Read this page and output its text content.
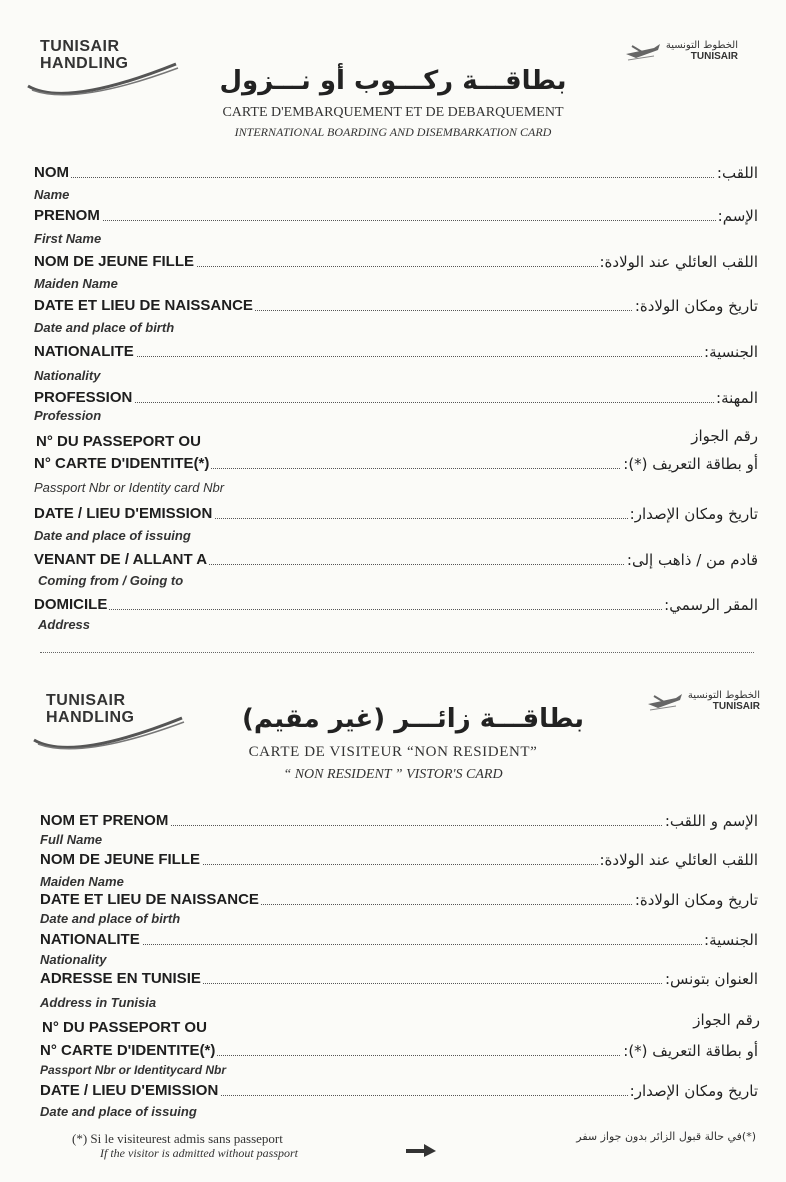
TUNISAIR
HANDLING
الخطوط التونسية
TUNISAIR
بطاقـــة ركـــوب أو نـــزول
CARTE D'EMBARQUEMENT ET DE DEBARQUEMENT
INTERNATIONAL BOARDING AND DISEMBARKATION CARD
NOM	اللقب:
Name
PRENOM	الإسم:
First Name
NOM DE JEUNE FILLE	اللقب العائلي عند الولادة:
Maiden Name
DATE ET LIEU DE NAISSANCE	تاريخ ومكان الولادة:
Date and place of birth
NATIONALITE	الجنسية:
Nationality
PROFESSION	المهنة:
Profession
N° DU PASSEPORT OU	رقم الجواز
N° CARTE D'IDENTITE(*)	أو بطاقة التعريف (*):
Passport Nbr or Identity card Nbr
DATE / LIEU D'EMISSION	تاريخ ومكان الإصدار:
Date and place of issuing
VENANT DE / ALLANT A	قادم من / ذاهب إلى:
Coming from / Going to
DOMICILE	المقر الرسمي:
Address
TUNISAIR
HANDLING
الخطوط التونسية
TUNISAIR
بطاقـــة زائـــر (غير مقيم)
CARTE DE VISITEUR “NON RESIDENT”
“ NON RESIDENT ” VISTOR'S CARD
NOM ET PRENOM	الإسم و اللقب:
Full Name
NOM DE JEUNE FILLE	اللقب العائلي عند الولادة:
Maiden Name
DATE ET LIEU DE NAISSANCE	تاريخ ومكان الولادة:
Date and place of birth
NATIONALITE	الجنسية:
Nationality
ADRESSE EN TUNISIE	العنوان بتونس:
Address in Tunisia
N° DU PASSEPORT OU	رقم الجواز
N° CARTE D'IDENTITE(*)	أو بطاقة التعريف (*):
Passport Nbr or Identitycard Nbr
DATE / LIEU D'EMISSION	تاريخ ومكان الإصدار:
Date and place of issuing
(*) Si le visiteurest admis sans passeport
If the visitor is admitted without passport
(*)في حالة قبول الزائر بدون جواز سفر
